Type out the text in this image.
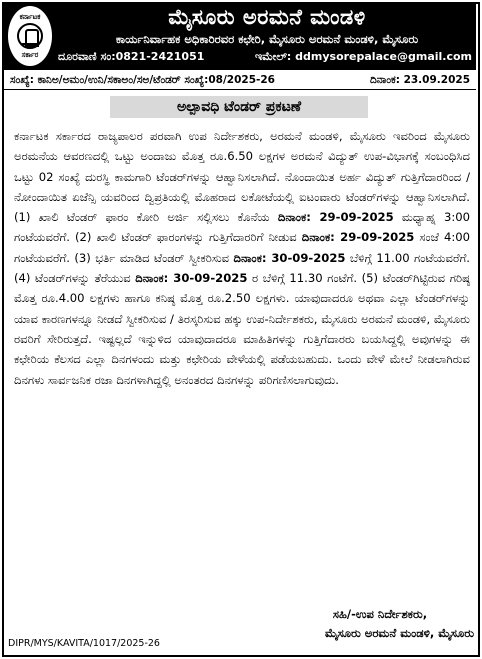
ಕರ್ನಾಟಕ
ಸರ್ಕಾರ
ಮೈಸೂರು ಅರಮನೆ ಮಂಡಳಿ
ಕಾರ್ಯನಿರ್ವಾಹಕ ಅಧಿಕಾರಿರವರ ಕಛೇರಿ, ಮೈಸೂರು ಅರಮನೆ ಮಂಡಳಿ, ಮೈಸೂರು
ದೂರವಾಣಿ ಸಂ:0821-2421051	ಇಮೇಲ್: ddmysorepalace@gmail.com
ಸಂಖ್ಯೆ: ಕಾನಿಅ/ಅಮಂ/ಉನಿ/ಸಕಾಅಂ/ಸಅ/ಟೆಂಡರ್ ಸಂಖ್ಯೆ:08/2025-26	ದಿನಾಂಕ: 23.09.2025
ಅಲ್ಪಾವಧಿ ಟೆಂಡರ್ ಪ್ರಕಟಣೆ
ಕರ್ನಾಟಕ ಸರ್ಕಾರದ ರಾಜ್ಯಪಾಲರ ಪರವಾಗಿ ಉಪ ನಿರ್ದೇಶಕರು, ಅರಮನೆ ಮಂಡಳಿ, ಮೈಸೂರು ಇವರಿಂದ ಮೈಸೂರು ಅರಮನೆಯ ಆವರಣದಲ್ಲಿ ಒಟ್ಟು ಅಂದಾಜು ಮೊತ್ತ ರೂ.6.50 ಲಕ್ಷಗಳ ಅರಮನೆ ವಿದ್ಯುತ್ ಉಪ-ವಿಭಾಗಕ್ಕೆ ಸಂಬಂಧಿಸಿದ ಒಟ್ಟು 02 ಸಂಖ್ಯೆ ದುರಸ್ಥಿ ಕಾಮಗಾರಿ ಟೆಂಡರ್‌ಗಳನ್ನು ಆಹ್ವಾನಿಸಲಾಗಿದೆ. ನೊಂದಾಯಿತ ಅರ್ಹ ವಿದ್ಯುತ್ ಗುತ್ತಿಗೆದಾರರಿಂದ / ನೋಂದಾಯಿತ ಏಜೆನ್ಸಿ ಯವರಿಂದ ದ್ವಿಪ್ರತಿಯಲ್ಲಿ ಮೊಹರಾದ ಲಕೋಟೆಯಲ್ಲಿ ಐಟಂವಾರು ಟೆಂಡರ್‌ಗಳನ್ನು ಆಹ್ವಾನಿಸಲಾಗಿದೆ. (1) ಖಾಲಿ ಟೆಂಡರ್ ಫಾರಂ ಕೋರಿ ಅರ್ಜಿ ಸಲ್ಲಿಸಲು ಕೊನೆಯ ದಿನಾಂಕ: 29-09-2025 ಮಧ್ಯಾಹ್ನ 3:00 ಗಂಟೆಯವರೆಗೆ. (2) ಖಾಲಿ ಟೆಂಡರ್ ಫಾರಂಗಳನ್ನು ಗುತ್ತಿಗೆದಾರರಿಗೆ ನೀಡುವ ದಿನಾಂಕ: 29-09-2025 ಸಂಜೆ 4:00 ಗಂಟೆಯವರೆಗೆ. (3) ಭರ್ತಿ ಮಾಡಿದ ಟೆಂಡರ್ ಸ್ವೀಕರಿಸುವ ದಿನಾಂಕ: 30-09-2025 ಬೆಳಿಗ್ಗೆ 11.00 ಗಂಟೆಯವರೆಗೆ. (4) ಟೆಂಡರ್‌ಗಳನ್ನು ತೆರೆಯುವ ದಿನಾಂಕ: 30-09-2025 ರ ಬೆಳಿಗ್ಗೆ 11.30 ಗಂಟೆಗೆ. (5) ಟೆಂಡರ್‌ಗಿಟ್ಟಿರುವ ಗರಿಷ್ಠ ಮೊತ್ತ ರೂ.4.00 ಲಕ್ಷಗಳು ಹಾಗೂ ಕನಿಷ್ಠ ಮೊತ್ತ ರೂ.2.50 ಲಕ್ಷಗಳು. ಯಾವುದಾದರೂ ಅಥವಾ ಎಲ್ಲಾ ಟೆಂಡರ್‌ಗಳನ್ನು ಯಾವ ಕಾರಣಗಳನ್ನೂ ನೀಡದೆ ಸ್ವೀಕರಿಸುವ / ತಿರಸ್ಕರಿಸುವ ಹಕ್ಕು ಉಪ-ನಿರ್ದೇಶಕರು, ಮೈಸೂರು ಅರಮನೆ ಮಂಡಳಿ, ಮೈಸೂರು ರವರಿಗೆ ಸೇರಿರುತ್ತದೆ. ಇಷ್ಟಲ್ಲದೆ ಇನ್ನುಳಿದ ಯಾವುದಾದರೂ ಮಾಹಿತಿಗಳನ್ನು ಗುತ್ತಿಗೆದಾರರು ಬಯಸಿದ್ದಲ್ಲಿ ಅವುಗಳನ್ನು ಈ ಕಛೇರಿಯ ಕೆಲಸದ ಎಲ್ಲಾ ದಿನಗಳಂದು ಮತ್ತು ಕಛೇರಿಯ ವೇಳೆಯಲ್ಲಿ ಪಡೆಯಬಹುದು. ಒಂದು ವೇಳೆ ಮೇಲೆ ನೀಡಲಾಗಿರುವ ದಿನಗಳು ಸಾರ್ವಜನಿಕ ರಜಾ ದಿನಗಳಾಗಿದ್ದಲ್ಲಿ ಅನಂತರದ ದಿನಗಳನ್ನು ಪರಿಗಣಿಸಲಾಗುವುದು.
ಸಹಿ/-ಉಪ ನಿರ್ದೇಶಕರು,
ಮೈಸೂರು ಅರಮನೆ ಮಂಡಳಿ, ಮೈಸೂರು
DIPR/MYS/KAVITA/1017/2025-26
